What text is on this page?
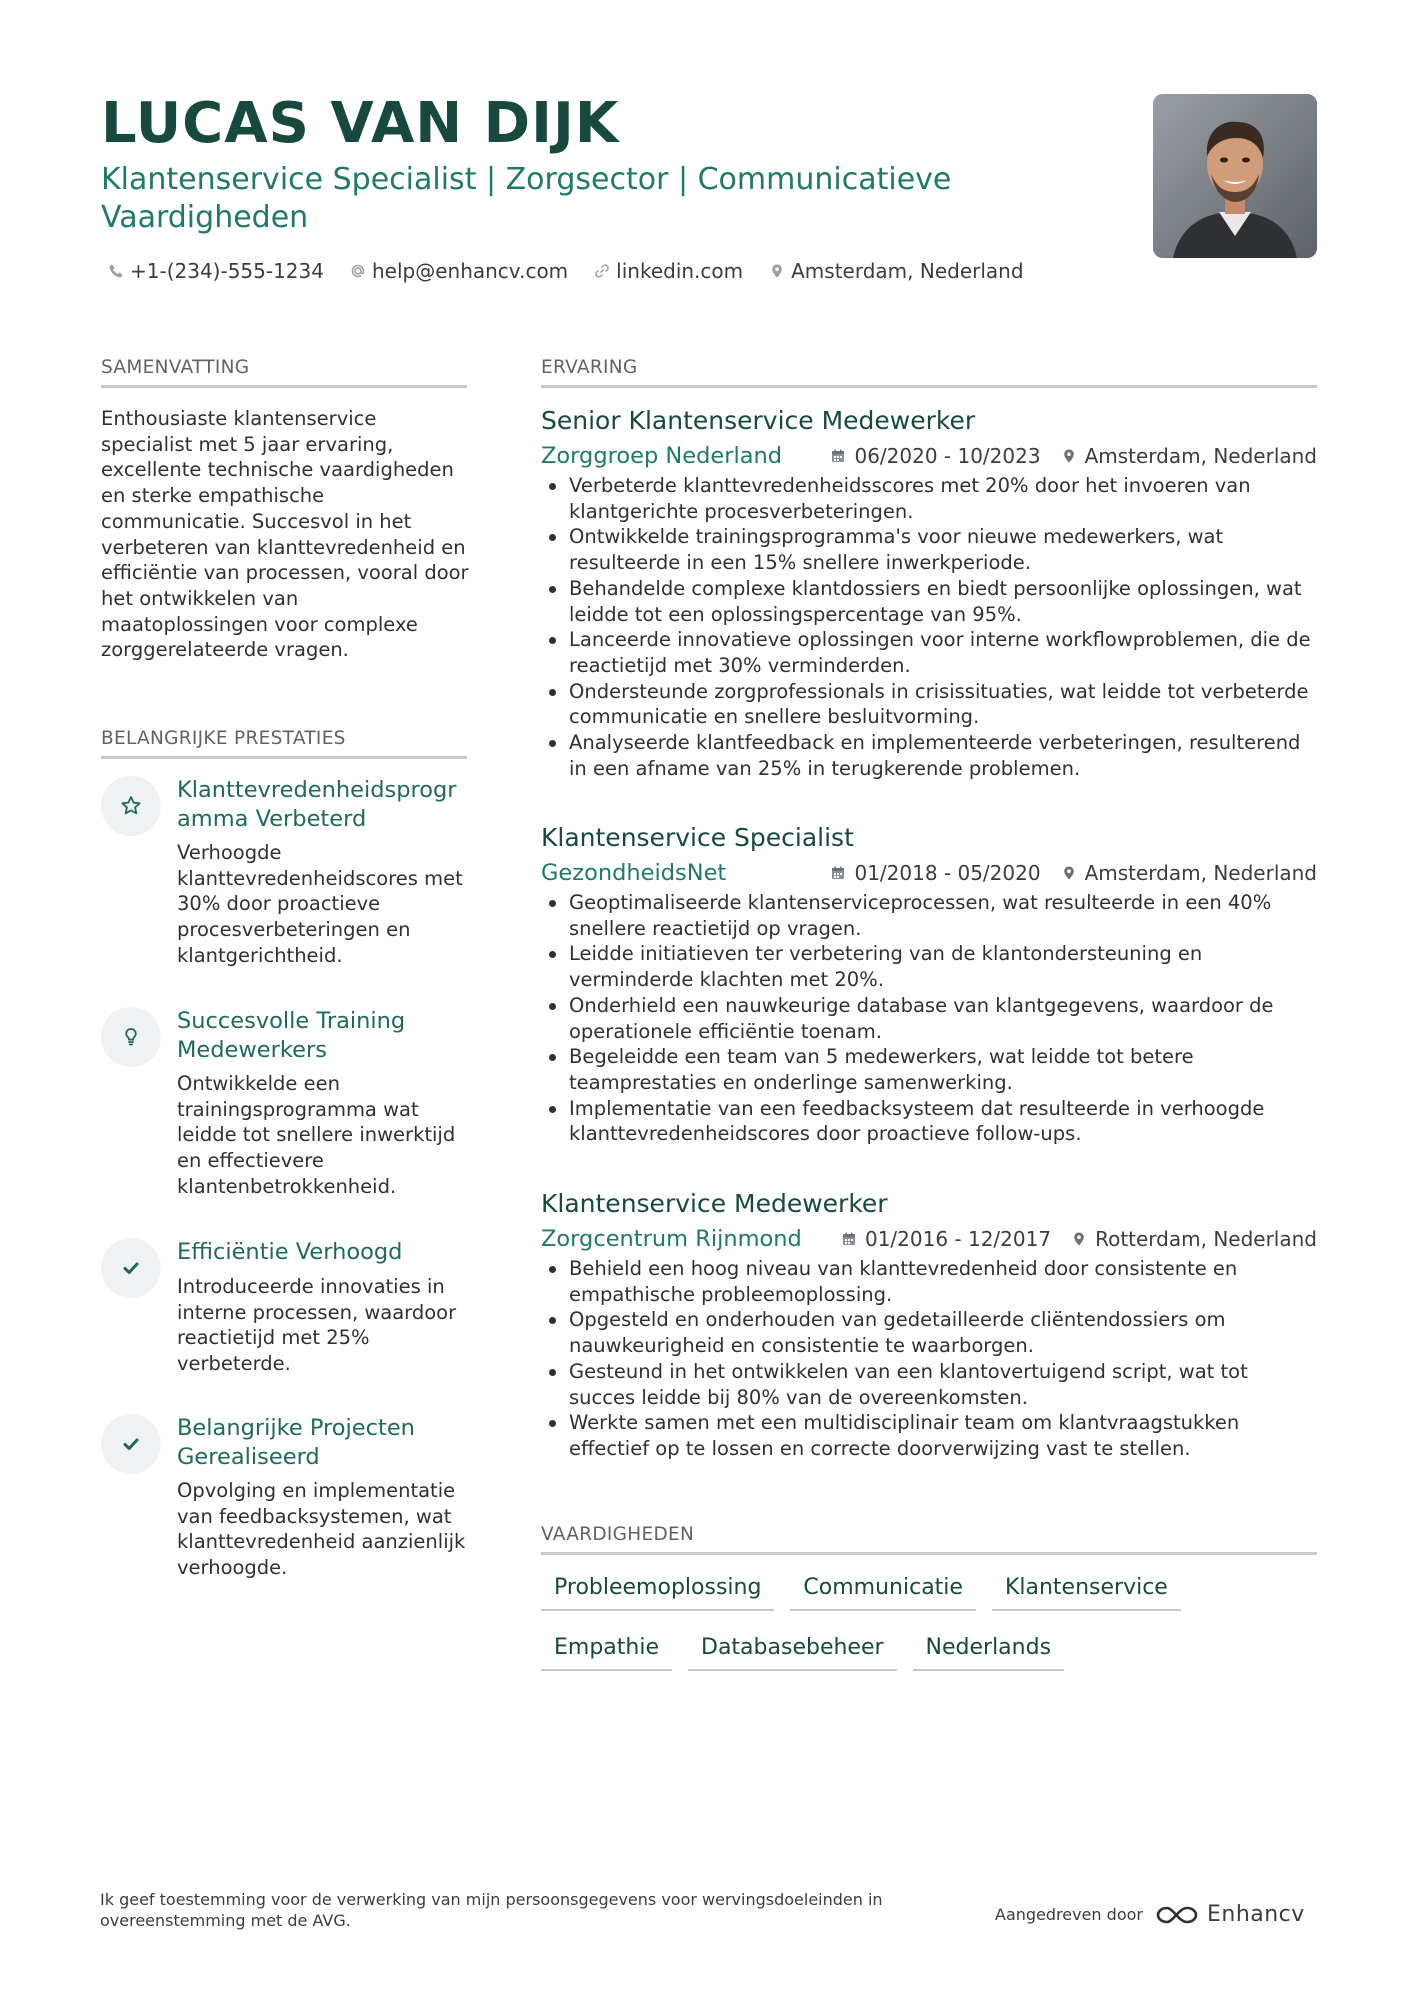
LUCAS VAN DIJK
Klantenservice Specialist | Zorgsector | Communicatieve Vaardigheden
+1-(234)-555-1234 help@enhancv.com linkedin.com Amsterdam, Nederland
SAMENVATTING

Enthousiaste klantenservice specialist met 5 jaar ervaring, excellente technische vaardigheden en sterke empathische communicatie. Succesvol in het verbeteren van klanttevredenheid en efficiëntie van processen, vooral door het ontwikkelen van maatoplossingen voor complexe zorggerelateerde vragen.

BELANGRIJKE PRESTATIES
Klanttevredenheidsprogramma Verbeterd
Verhoogde klanttevredenheidscores met 30% door proactieve procesverbeteringen en klantgerichtheid.
Succesvolle Training Medewerkers
Ontwikkelde een trainingsprogramma wat leidde tot snellere inwerktijd en effectievere klantenbetrokkenheid.
Efficiëntie Verhoogd
Introduceerde innovaties in interne processen, waardoor reactietijd met 25% verbeterde.
Belangrijke Projecten Gerealiseerd
Opvolging en implementatie van feedbacksystemen, wat klanttevredenheid aanzienlijk verhoogde.
ERVARING
Senior Klantenservice Medewerker
Zorggroep Nederland	06/2020 - 10/2023 Amsterdam, Nederland
Verbeterde klanttevredenheidsscores met 20% door het invoeren van klantgerichte procesverbeteringen.
Ontwikkelde trainingsprogramma's voor nieuwe medewerkers, wat resulteerde in een 15% snellere inwerkperiode.
Behandelde complexe klantdossiers en biedt persoonlijke oplossingen, wat leidde tot een oplossingspercentage van 95%.
Lanceerde innovatieve oplossingen voor interne workflowproblemen, die de reactietijd met 30% verminderden.
Ondersteunde zorgprofessionals in crisissituaties, wat leidde tot verbeterde communicatie en snellere besluitvorming.
Analyseerde klantfeedback en implementeerde verbeteringen, resulterend in een afname van 25% in terugkerende problemen.
Klantenservice Specialist
GezondheidsNet	01/2018 - 05/2020 Amsterdam, Nederland
Geoptimaliseerde klantenserviceprocessen, wat resulteerde in een 40% snellere reactietijd op vragen.
Leidde initiatieven ter verbetering van de klantondersteuning en verminderde klachten met 20%.
Onderhield een nauwkeurige database van klantgegevens, waardoor de operationele efficiëntie toenam.
Begeleidde een team van 5 medewerkers, wat leidde tot betere teamprestaties en onderlinge samenwerking.
Implementatie van een feedbacksysteem dat resulteerde in verhoogde klanttevredenheidscores door proactieve follow-ups.
Klantenservice Medewerker
Zorgcentrum Rijnmond	01/2016 - 12/2017 Rotterdam, Nederland
Behield een hoog niveau van klanttevredenheid door consistente en empathische probleemoplossing.
Opgesteld en onderhouden van gedetailleerde cliëntendossiers om nauwkeurigheid en consistentie te waarborgen.
Gesteund in het ontwikkelen van een klantovertuigend script, wat tot succes leidde bij 80% van de overeenkomsten.
Werkte samen met een multidisciplinair team om klantvraagstukken effectief op te lossen en correcte doorverwijzing vast te stellen.
VAARDIGHEDEN
Probleemoplossing	Communicatie	Klantenservice
Empathie	Databasebeheer	Nederlands

Ik geef toestemming voor de verwerking van mijn persoonsgegevens voor wervingsdoeleinden in overeenstemming met de AVG.	Aangedreven door	Enhancv
